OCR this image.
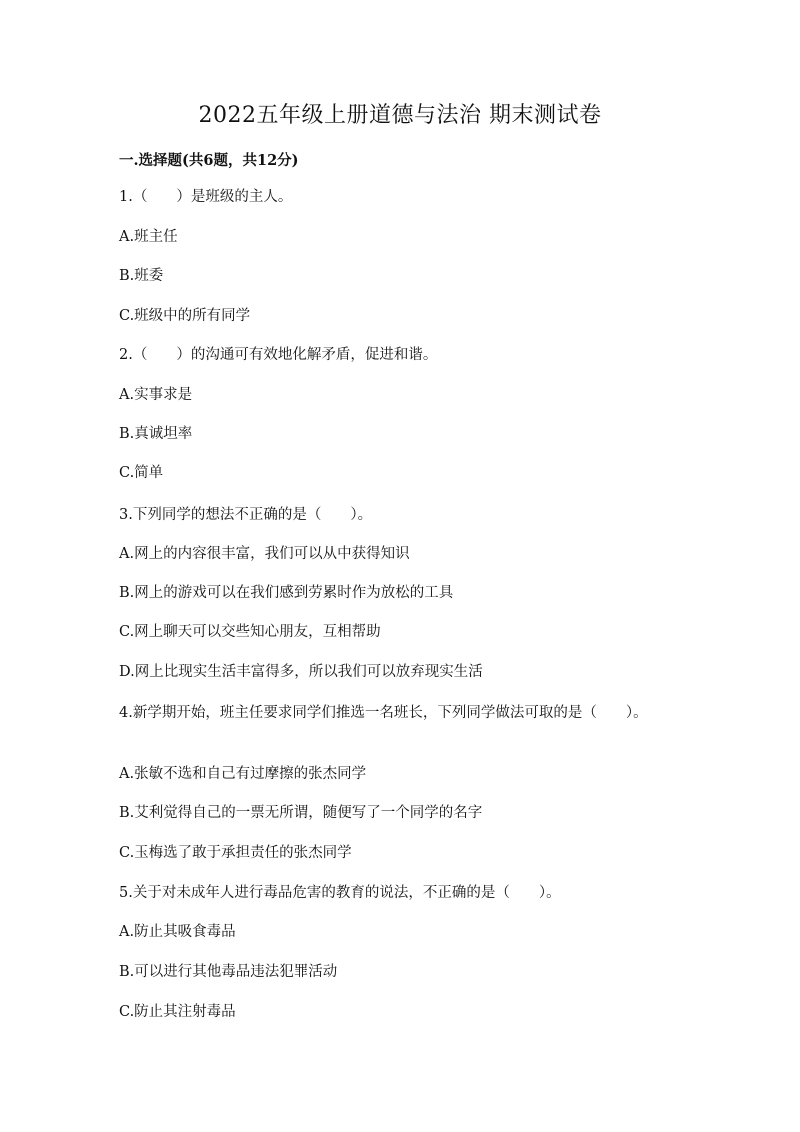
2022五年级上册道德与法治 期末测试卷
一.选择题(共6题，共12分)

1.（　　）是班级的主人。

A.班主任

B.班委

C.班级中的所有同学

2.（　　）的沟通可有效地化解矛盾，促进和谐。

A.实事求是

B.真诚坦率

C.简单

3.下列同学的想法不正确的是（　　）。

A.网上的内容很丰富，我们可以从中获得知识

B.网上的游戏可以在我们感到劳累时作为放松的工具

C.网上聊天可以交些知心朋友，互相帮助

D.网上比现实生活丰富得多，所以我们可以放弃现实生活

4.新学期开始，班主任要求同学们推选一名班长，下列同学做法可取的是（　　）。

A.张敏不选和自己有过摩擦的张杰同学

B.艾利觉得自己的一票无所谓，随便写了一个同学的名字

C.玉梅选了敢于承担责任的张杰同学

5.关于对未成年人进行毒品危害的教育的说法，不正确的是（　　）。

A.防止其吸食毒品

B.可以进行其他毒品违法犯罪活动

C.防止其注射毒品
